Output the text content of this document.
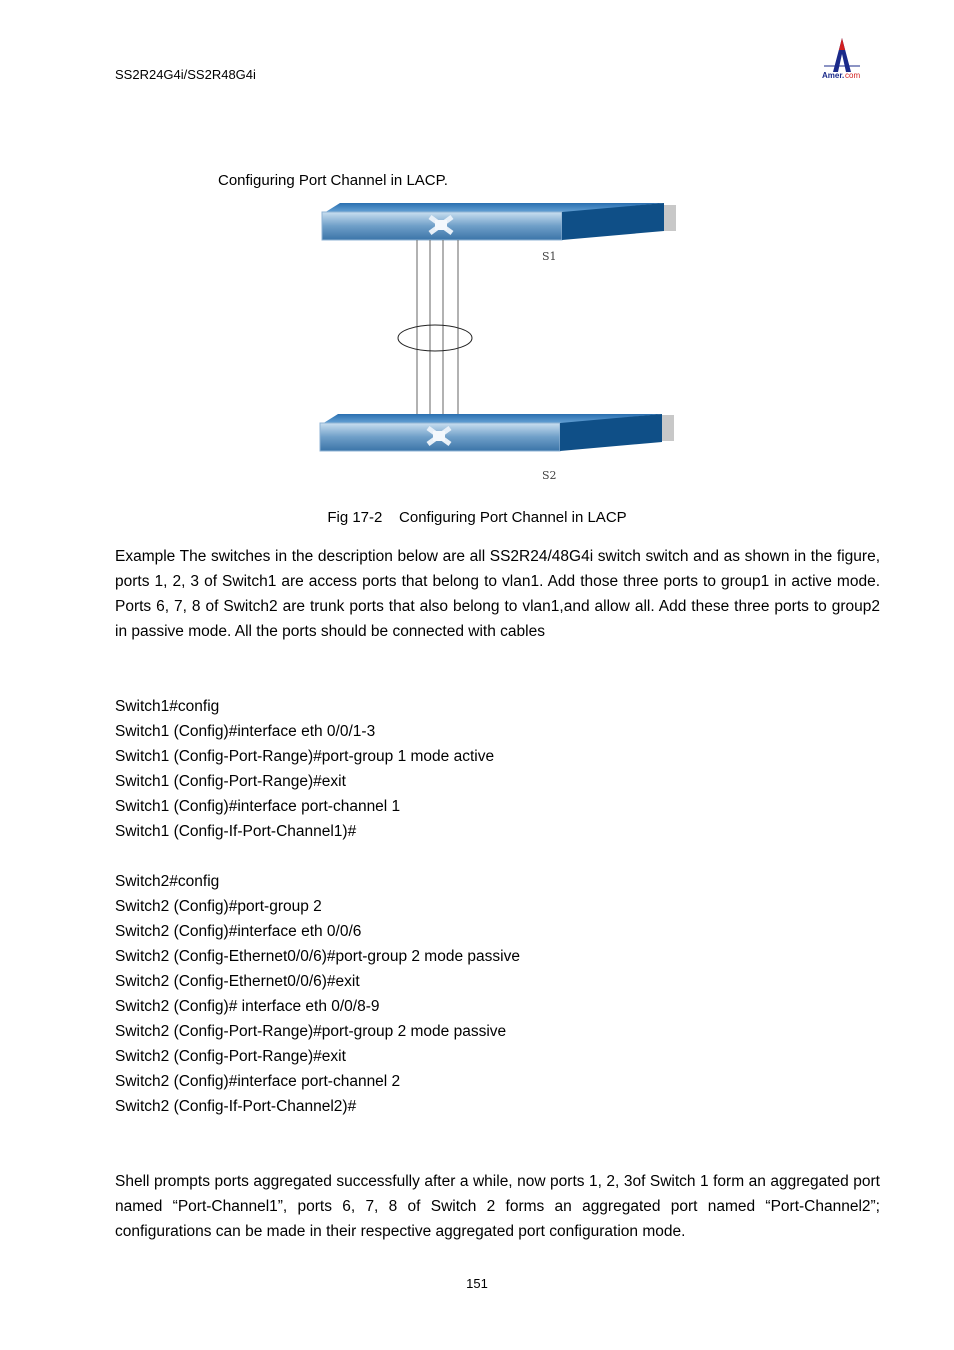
SS2R24G4i/SS2R48G4i	Amer. com
Configuring Port Channel in LACP.
S1
S2
Fig 17-2    Configuring Port Channel in LACP
Example The switches in the description below are all SS2R24/48G4i switch switch and as shown in the figure, ports 1, 2, 3 of Switch1 are access ports that belong to vlan1. Add those three ports to group1 in active mode. Ports 6, 7, 8 of Switch2 are trunk ports that also belong to vlan1,and allow all. Add these three ports to group2 in passive mode. All the ports should be connected with cables
Switch1#config
Switch1 (Config)#interface eth 0/0/1-3
Switch1 (Config-Port-Range)#port-group 1 mode active
Switch1 (Config-Port-Range)#exit
Switch1 (Config)#interface port-channel 1
Switch1 (Config-If-Port-Channel1)#
Switch2#config
Switch2 (Config)#port-group 2
Switch2 (Config)#interface eth 0/0/6
Switch2 (Config-Ethernet0/0/6)#port-group 2 mode passive
Switch2 (Config-Ethernet0/0/6)#exit
Switch2 (Config)# interface eth 0/0/8-9
Switch2 (Config-Port-Range)#port-group 2 mode passive
Switch2 (Config-Port-Range)#exit
Switch2 (Config)#interface port-channel 2
Switch2 (Config-If-Port-Channel2)#
Shell prompts ports aggregated successfully after a while, now ports 1, 2, 3of Switch 1 form an aggregated port named “Port-Channel1”, ports 6, 7, 8 of Switch 2 forms an aggregated port named “Port-Channel2”; configurations can be made in their respective aggregated port configuration mode.
151
